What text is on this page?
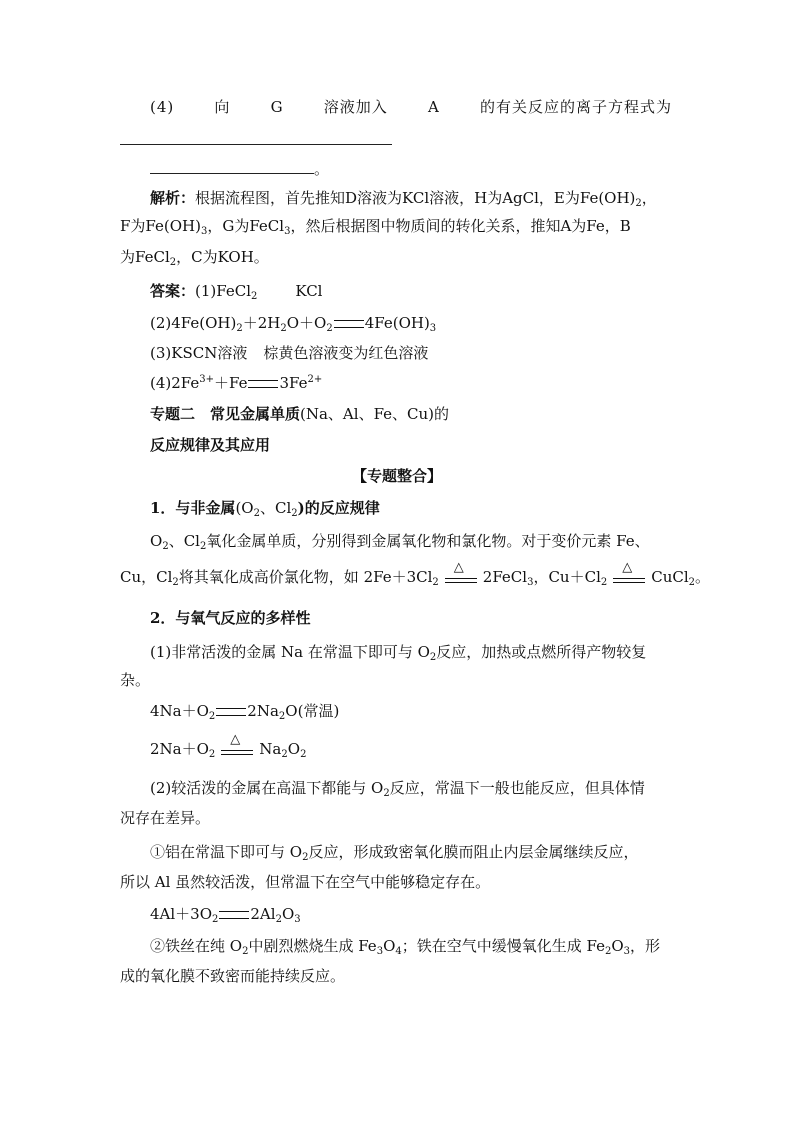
(4)	向	G	溶液加入	A	的有关反应的离子方程式为
。
解析：根据流程图，首先推知D溶液为KCl溶液，H为AgCl，E为$Fe(OH)_2$，
F为$Fe(OH)_3$，G为FeCl$_3$，然后根据图中物质间的转化关系，推知A为Fe，B
为FeCl$_2$，C为KOH。
答案：(1)FeCl$_2$	KCl
$(2)4Fe(OH)_2+2H_2O+O_2$ $4Fe(OH)_3$
(3)KSCN溶液 棕黄色溶液变为红色溶液
$(4)2Fe^{3+}+Fe$ $3Fe^{2+}$
专题二　常见金属单质(Na、Al、Fe、Cu)的
反应规律及其应用
【专题整合】
1．与非金属($O_2$、$Cl_2$)的反应规律
$O_2$、$Cl_2$氧化金属单质，分别得到金属氧化物和氯化物。对于变价元素 Fe、
Cu，$Cl_2$将其氧化成高价氯化物，如 $2Fe+3Cl_2$
△
2FeCl$_3$，$Cu+Cl_2$
△
CuCl$_2$。
2．与氧气反应的多样性
(1)非常活泼的金属 Na 在常温下即可与 $O_2$反应，加热或点燃所得产物较复
杂。
$4Na+O_2$ $2Na_2O$(常温)
$2Na+O_2$
△
$Na_2O_2$
(2)较活泼的金属在高温下都能与 $O_2$反应，常温下一般也能反应，但具体情
况存在差异。
①铝在常温下即可与 $O_2$反应，形成致密氧化膜而阻止内层金属继续反应，
所以 Al 虽然较活泼，但常温下在空气中能够稳定存在。
$4Al+3O_2$ $2Al_2O_3$
②铁丝在纯 $O_2$中剧烈燃烧生成 $Fe_3O_4$；铁在空气中缓慢氧化生成 $Fe_2O_3$，形
成的氧化膜不致密而能持续反应。
